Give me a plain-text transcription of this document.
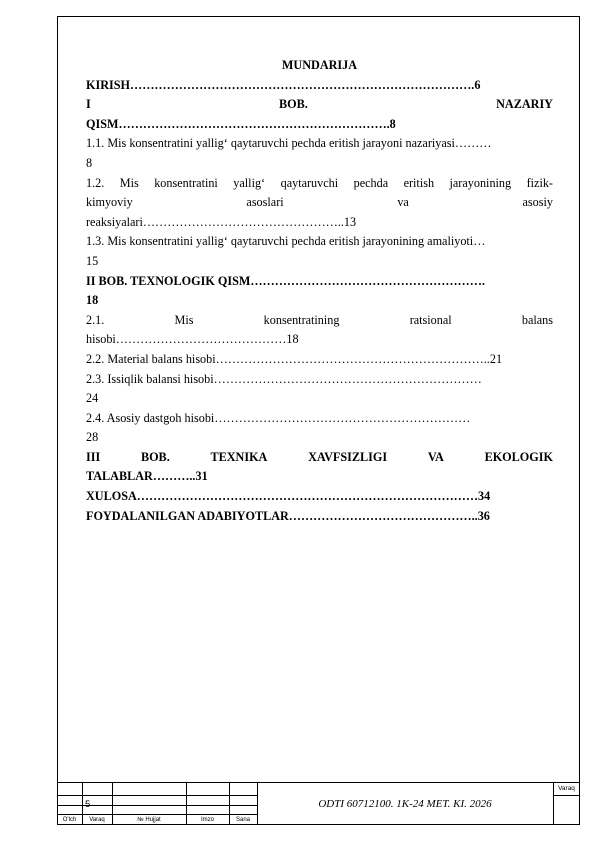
MUNDARIJA
KIRISH………………………………………………………………………….6
I	BOB.	NAZARIY
QISM………………………………………………………….8
1.1. Mis konsentratini yallig‘ qaytaruvchi pechda eritish jarayoni nazariyasi………
8
1.2. Mis konsentratini yallig‘ qaytaruvchi pechda eritish jarayonining fizik-
kimyoviy	asoslari	va	asosiy
reaksiyalari…………………………………………..13
1.3. Mis konsentratini yallig‘ qaytaruvchi pechda eritish jarayonining amaliyoti…
15
II BOB. TEXNOLOGIK QISM………………………………………………….
18
2.1.	Mis	konsentratining	ratsional	balans
hisobi……………………………………18
2.2. Material balans hisobi…………………………………………………………..21
2.3. Issiqlik balansi hisobi…………………………………………………………
24
2.4. Asosiy dastgoh hisobi………………………………………………………
28
III	BOB.	TEXNIKA	XAVFSIZLIGI	VA	EKOLOGIK
TALABLAR………..31
XULOSA…………………………………………………………………………34
FOYDALANILGAN ADABIYOTLAR………………………………………..36
5	ODTI 60712100. 1K-24 MET. KI. 2026
Varaq
O'lch	Varaq	№ Hujjat	Imzo	Sana
